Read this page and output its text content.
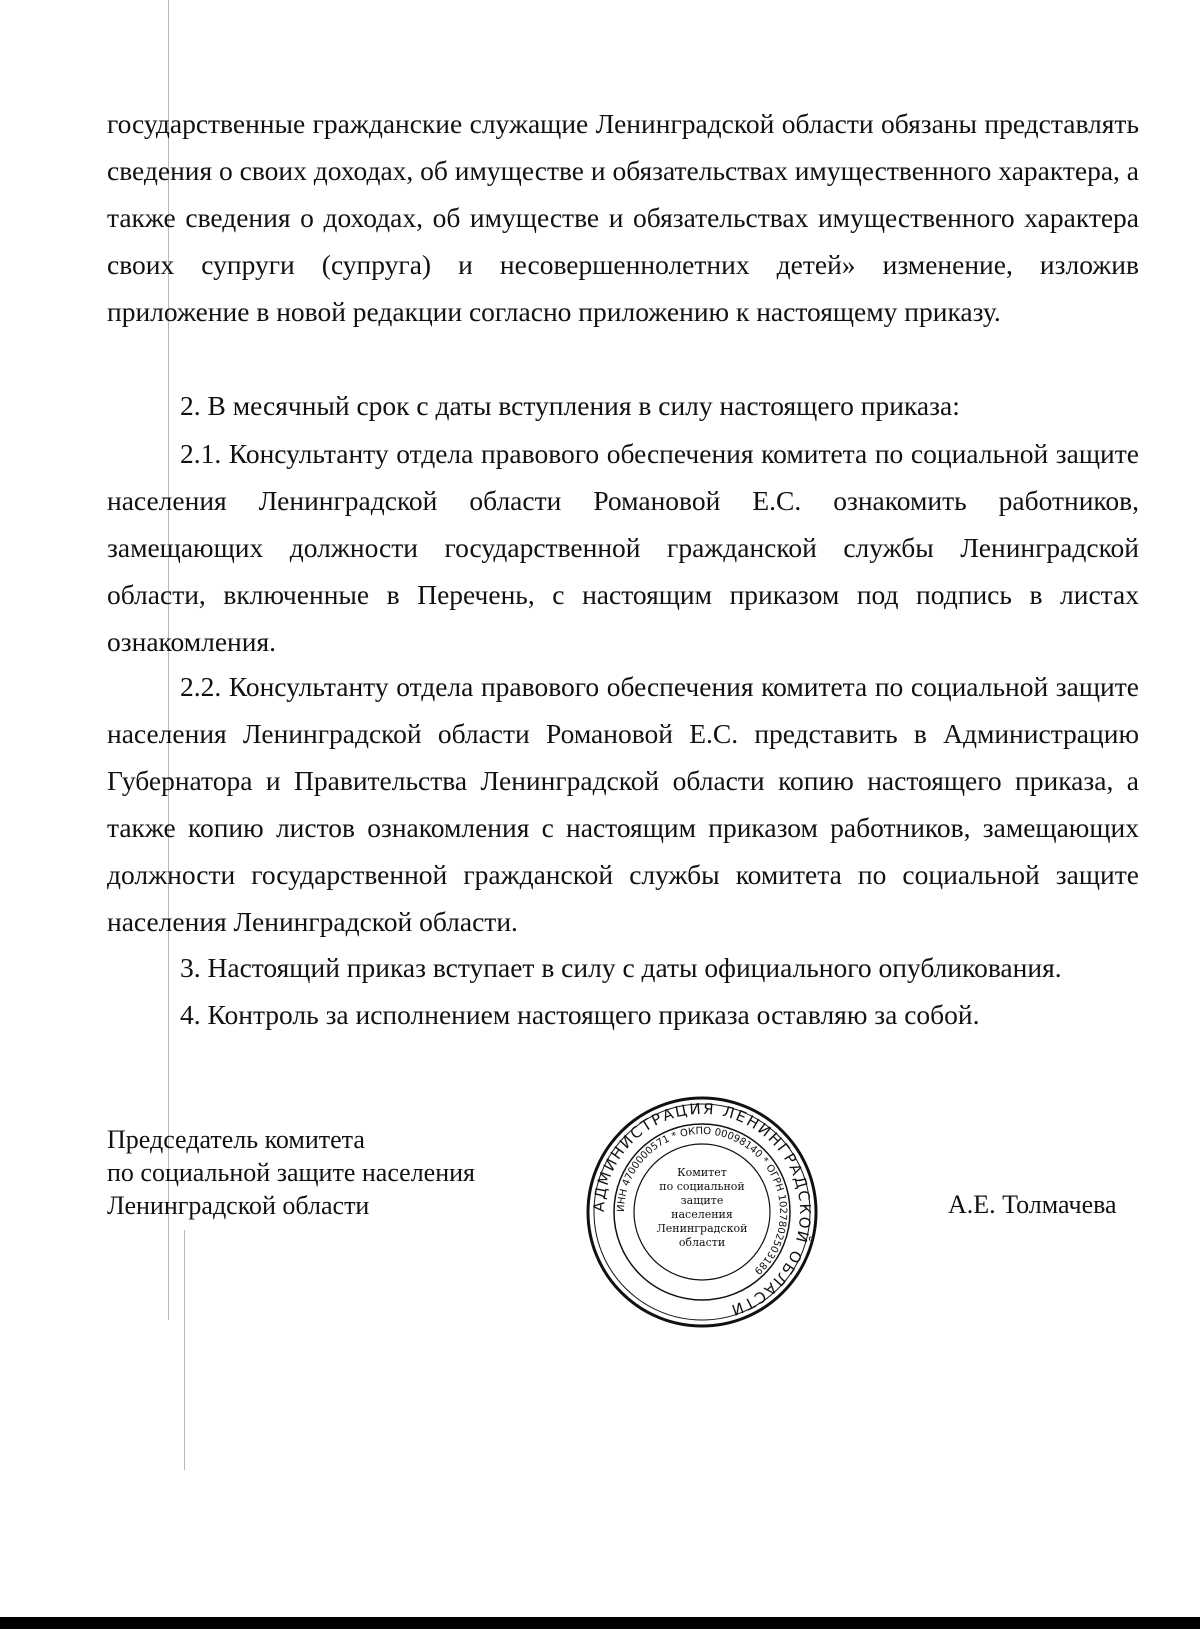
государственные гражданские служащие Ленинградской области обязаны представлять сведения о своих доходах, об имуществе и обязательствах имущественного характера, а также сведения о доходах, об имуществе и обязательствах имущественного характера своих супруги (супруга) и несовершеннолетних детей» изменение, изложив приложение в новой редакции согласно приложению к настоящему приказу.

2. В месячный срок с даты вступления в силу настоящего приказа:

2.1. Консультанту отдела правового обеспечения комитета по социальной защите населения Ленинградской области Романовой Е.С. ознакомить работников, замещающих должности государственной гражданской службы Ленинградской области, включенные в Перечень, с настоящим приказом под подпись в листах ознакомления.

2.2. Консультанту отдела правового обеспечения комитета по социальной защите населения Ленинградской области Романовой Е.С. представить в Администрацию Губернатора и Правительства Ленинградской области копию настоящего приказа, а также копию листов ознакомления с настоящим приказом работников, замещающих должности государственной гражданской службы комитета по социальной защите населения Ленинградской области.

3. Настоящий приказ вступает в силу с даты официального опубликования.

4. Контроль за исполнением настоящего приказа оставляю за собой.

Председатель комитета
по социальной защите населения
Ленинградской области	А.Е. Толмачева
АДМИНИСТРАЦИЯ ЛЕНИНГРАДСКОЙ ОБЛАСТИ
ИНН 4700000571 * ОКПО 00098140 * ОГРН 1027802503189
Комитет
по социальной
защите
населения
Ленинградской
области
